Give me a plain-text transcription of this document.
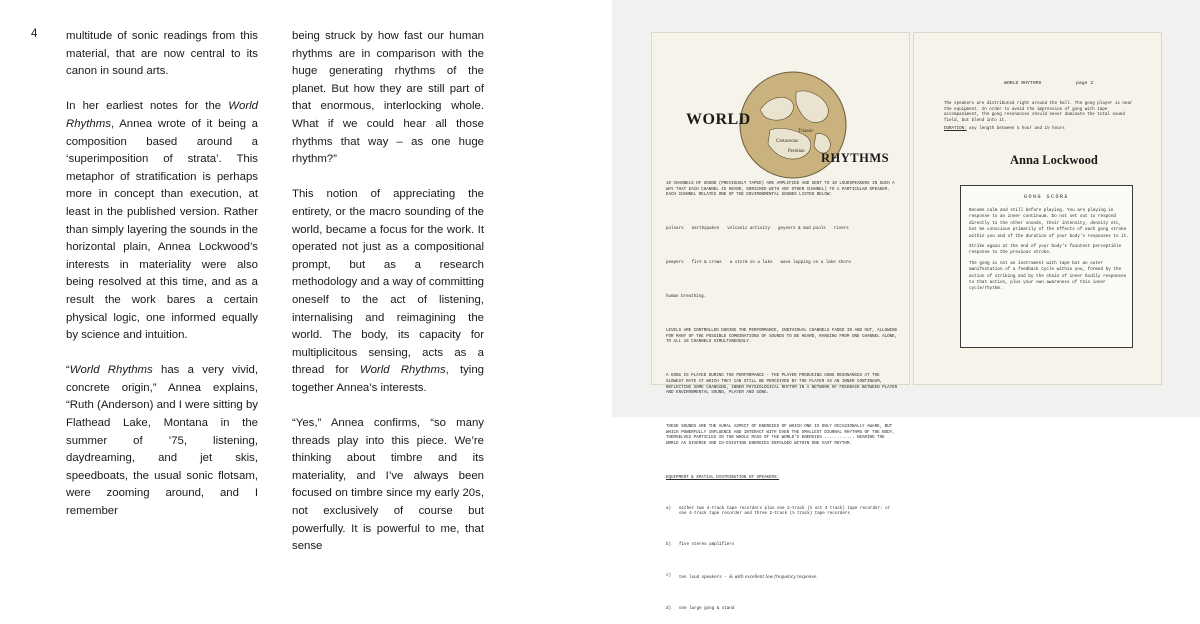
4	multitude of sonic readings from this material, that are now central to its canon in sound arts.

In her earliest notes for the World Rhythms, Annea wrote of it being a composition based around a ‘superimposition of strata’. This metaphor of stratification is perhaps more in concept than execution, at least in the published version. Rather than simply layering the sounds in the horizontal plain, Annea Lockwood’s interests in materiality were also being resolved at this time, and as a result the work bares a certain physical logic, one informed equally by science and intuition.

“World Rhythms has a very vivid, concrete origin,” Annea explains, “Ruth (Anderson) and I were sitting by Flathead Lake, Montana in the summer of ’75, listening, daydreaming, and jet skis, speedboats, the usual sonic flotsam, were zooming around, and I remember

being struck by how fast our human rhythms are in comparison with the huge generating rhythms of the planet. But how they are still part of that enormous, interlocking whole. What if we could hear all those rhythms that way – as one huge rhythm?”

This notion of appreciating the entirety, or the macro sounding of the world, became a focus for the work. It operated not just as a compositional prompt, but as a research methodology and a way of committing oneself to the act of listening, internalising and reimagining the world. The body, its capacity for multiplicitous sensing, acts as a thread for World Rhythms, tying together Annea’s interests.

“Yes,” Annea confirms, “so many threads play into this piece. We’re thinking about timbre and its materiality, and I’ve always been focused on timbre since my early 20s, not exclusively of course but powerfully. It is powerful to me, that sense

Triassic
Cretaceous
Permian
WORLD
RHYTHMS

10 CHANNELS OF SOUND (PREVIOUSLY TAPED) ARE AMPLIFIED AND SENT TO 10 LOUDSPEAKERS IN SUCH A WAY THAT EACH CHANNEL IS HEARD, ENRICHED WITH ANY OTHER CHANNEL) TO A PARTICULAR SPEAKER. EACH CHANNEL RELATES ONE OF THE ENVIRONMENTAL SOUNDS LISTED BELOW:

pulsars earthquakes volcanic activity geysers & mud pools rivers

peepers fire & crows a storm on a lake wave lapping on a lake shore

human breathing.

LEVELS ARE CONTROLLED DURING THE PERFORMANCE, INDIVIDUAL CHANNELS FADED IN AND OUT, ALLOWING FOR MANY OF THE POSSIBLE COMBINATIONS OF SOUNDS TO BE HEARD, RANGING FROM ONE CHANNEL ALONE, TO ALL 10 CHANNELS SIMULTANEOUSLY.

A GONG IS PLAYED DURING THE PERFORMANCE - THE PLAYER PRODUCING GONG RESONANCES AT THE SLOWEST RATE AT WHICH THEY CAN STILL BE PERCEIVED BY THE PLAYER AS AN INNER CONTINUUM, REFLECTING SOME CHANGING, INNER PHYSIOLOGICAL RHYTHM IN A NETWORK OF FEEDBACK BETWEEN PLAYER AND ENVIRONMENTAL SOUND, PLAYER AND GONG.

THESE SOUNDS ARE THE AURAL ASPECT OF ENERGIES OF WHICH ONE IS ONLY OCCASIONALLY AWARE, BUT WHICH POWERFULLY INFLUENCE AND INTERACT WITH EVEN THE SMALLEST DIURNAL RHYTHMS OF THE BODY, THEMSELVES PARTICLES IN THE WHOLE MASS OF THE WORLD'S ENERGIES ............ HEARING THE WORLD AS DIVERSE AND CO-EXISTING ENERGIES ENFOLDED WITHIN ONE VAST RHYTHM.

EQUIPMENT & SPATIAL DISTRIBUTION OF SPEAKERS:

a) either two 4-track tape recorders plus one 2-track (½ oct 4 track) tape recorder: or one 4-track tape recorder and three 2-track (½ track) tape recorders

b) five stereo amplifiers

c) ten loud speakers - & with excellent low frequency response.

d) one large gong & stand

WORLD RHYTHMS	page 2
The speakers are distributed right around the hall. The gong player is near the equipment. In order to avoid the impression of gong with tape accompaniment, the gong resonances should never dominate the total sound field, but blend into it.
DURATION: any length between ¼ hour and 1½ hours
Anna Lockwood
GONG SCORE
Become calm and still before playing. You are playing in response to an inner continuum. Do not set out to respond directly to the other sounds, their intensity, density etc, but be conscious primarily of the effects of each gong stroke within you and of the duration of your body's responses to it.
Strike again at the end of your body's faintest perceptible response to the previous stroke.
The gong is not an instrument with tape but an outer manifestation of a feedback cycle within you, formed by the action of striking and by the chain of inner bodily responses to that action, plus your own awareness of this inner cycle/rhythm.
